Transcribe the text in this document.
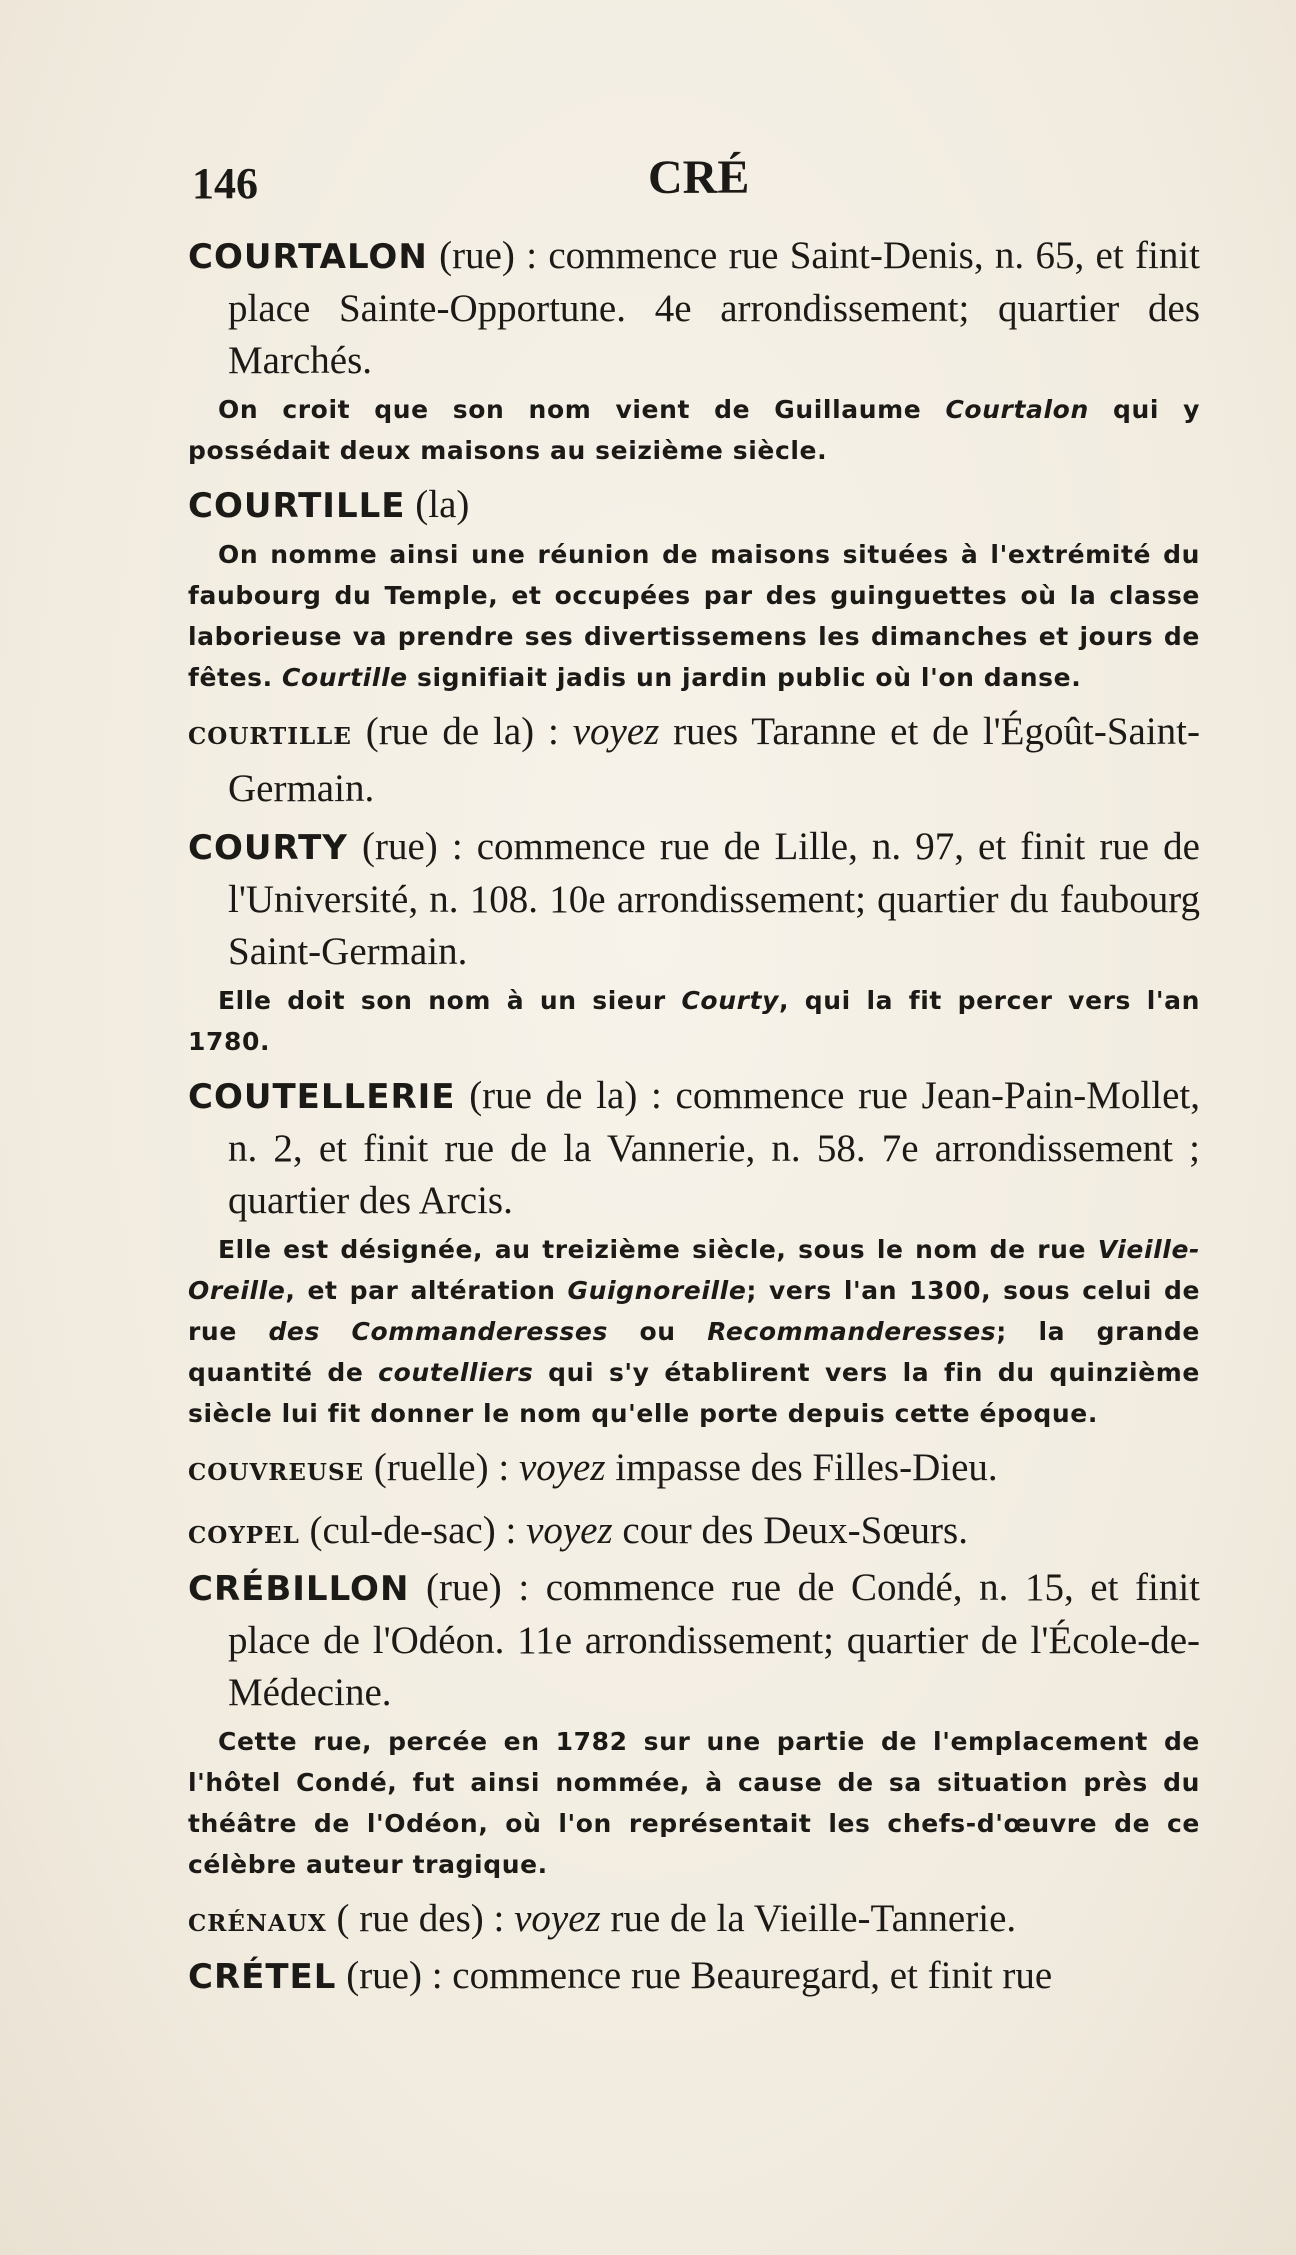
146	CRÉ

COURTALON (rue) : commence rue Saint-Denis, n. 65, et finit place Sainte-Opportune. 4e arrondissement; quartier des Marchés.

On croit que son nom vient de Guillaume Courtalon qui y possédait deux maisons au seizième siècle.

COURTILLE (la)

On nomme ainsi une réunion de maisons situées à l'extrémité du faubourg du Temple, et occupées par des guinguettes où la classe laborieuse va prendre ses divertissemens les dimanches et jours de fêtes. Courtille signifiait jadis un jardin public où l'on danse.

COURTILLE (rue de la) : voyez rues Taranne et de l'Égoût-Saint-Germain.

COURTY (rue) : commence rue de Lille, n. 97, et finit rue de l'Université, n. 108. 10e arrondissement; quartier du faubourg Saint-Germain.

Elle doit son nom à un sieur Courty, qui la fit percer vers l'an 1780.

COUTELLERIE (rue de la) : commence rue Jean-Pain-Mollet, n. 2, et finit rue de la Vannerie, n. 58. 7e arrondissement ; quartier des Arcis.

Elle est désignée, au treizième siècle, sous le nom de rue Vieille-Oreille, et par altération Guignoreille; vers l'an 1300, sous celui de rue des Commanderesses ou Recommanderesses; la grande quantité de coutelliers qui s'y établirent vers la fin du quinzième siècle lui fit donner le nom qu'elle porte depuis cette époque.

COUVREUSE (ruelle) : voyez impasse des Filles-Dieu.

COYPEL (cul-de-sac) : voyez cour des Deux-Sœurs.

CRÉBILLON (rue) : commence rue de Condé, n. 15, et finit place de l'Odéon. 11e arrondissement; quartier de l'École-de-Médecine.

Cette rue, percée en 1782 sur une partie de l'emplacement de l'hôtel Condé, fut ainsi nommée, à cause de sa situation près du théâtre de l'Odéon, où l'on représentait les chefs-d'œuvre de ce célèbre auteur tragique.

CRÉNAUX ( rue des) : voyez rue de la Vieille-Tannerie.

CRÉTEL (rue) : commence rue Beauregard, et finit rue
